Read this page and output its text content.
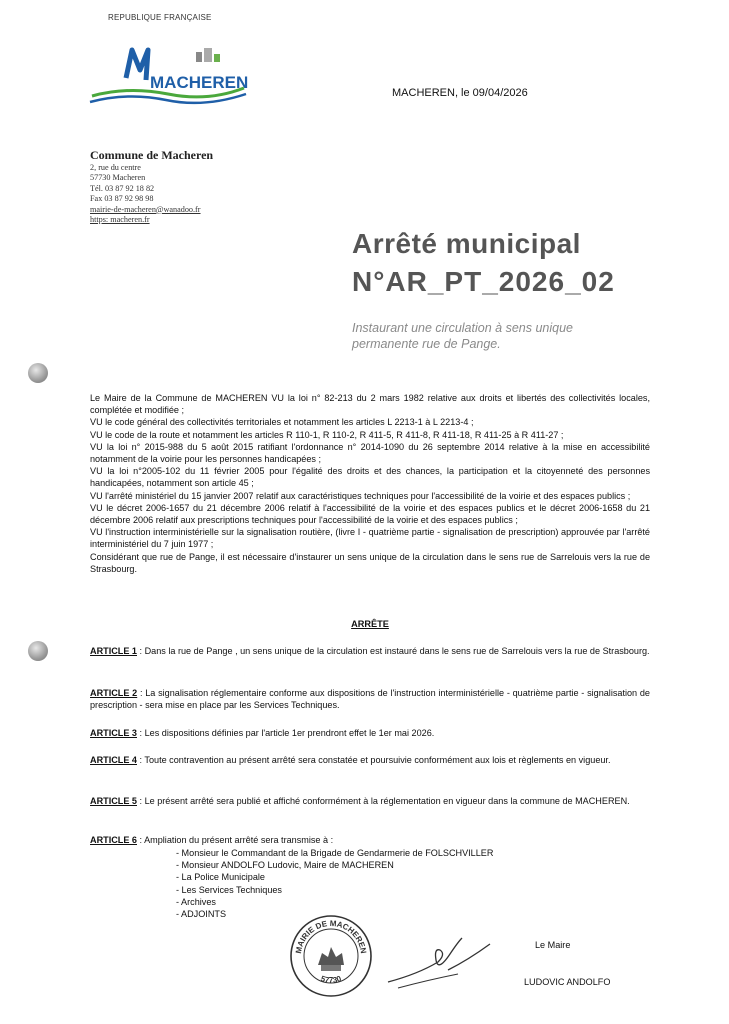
REPUBLIQUE FRANÇAISE
MACHEREN
MACHEREN, le 09/04/2026
Commune de Macheren
2, rue du centre
57730 Macheren
Tél. 03 87 92 18 82
Fax 03 87 92 98 98
mairie-de-macheren@wanadoo.fr
https: macheren.fr
Arrêté municipal
N°AR_PT_2026_02
Instaurant une circulation à sens unique
permanente rue de Pange.
Le Maire de la Commune de MACHEREN VU la loi n° 82-213 du 2 mars 1982 relative aux droits et libertés des collectivités locales, complétée et modifiée ;
VU le code général des collectivités territoriales et notamment les articles L 2213-1 à L 2213-4 ;
VU le code de la route et notamment les articles R 110-1, R 110-2, R 411-5, R 411-8, R 411-18, R 411-25 à R 411-27 ;
VU la loi n° 2015-988 du 5 août 2015 ratifiant l'ordonnance n° 2014-1090 du 26 septembre 2014 relative à la mise en accessibilité notamment de la voirie pour les personnes handicapées ;
VU la loi n°2005-102 du 11 février 2005 pour l'égalité des droits et des chances, la participation et la citoyenneté des personnes handicapées, notamment son article 45 ;
VU l'arrêté ministériel du 15 janvier 2007 relatif aux caractéristiques techniques pour l'accessibilité de la voirie et des espaces publics ;
VU le décret 2006-1657 du 21 décembre 2006 relatif à l'accessibilité de la voirie et des espaces publics et le décret 2006-1658 du 21 décembre 2006 relatif aux prescriptions techniques pour l'accessibilité de la voirie et des espaces publics ;
VU l'instruction interministérielle sur la signalisation routière, (livre I - quatrième partie - signalisation de prescription) approuvée par l'arrêté interministériel du 7 juin 1977 ;
Considérant que rue de Pange, il est nécessaire d'instaurer un sens unique de la circulation dans le sens rue de Sarrelouis vers la rue de Strasbourg.
ARRÊTE
ARTICLE 1 : Dans la rue de Pange , un sens unique de la circulation est instauré dans le sens rue de Sarrelouis vers la rue de Strasbourg.
ARTICLE 2 : La signalisation réglementaire conforme aux dispositions de l'instruction interministérielle - quatrième partie - signalisation de prescription - sera mise en place par les Services Techniques.
ARTICLE 3 : Les dispositions définies par l'article 1er prendront effet le 1er mai 2026.
ARTICLE 4 : Toute contravention au présent arrêté sera constatée et poursuivie conformément aux lois et règlements en vigueur.
ARTICLE 5 : Le présent arrêté sera publié et affiché conformément à la réglementation en vigueur dans la commune de MACHEREN.
ARTICLE 6 : Ampliation du présent arrêté sera transmise à :
- Monsieur le Commandant de la Brigade de Gendarmerie de FOLSCHVILLER
- Monsieur ANDOLFO Ludovic, Maire de MACHEREN
- La Police Municipale
- Les Services Techniques
- Archives
- ADJOINTS
MAIRIE DE MACHEREN
57730
Le Maire
LUDOVIC ANDOLFO
